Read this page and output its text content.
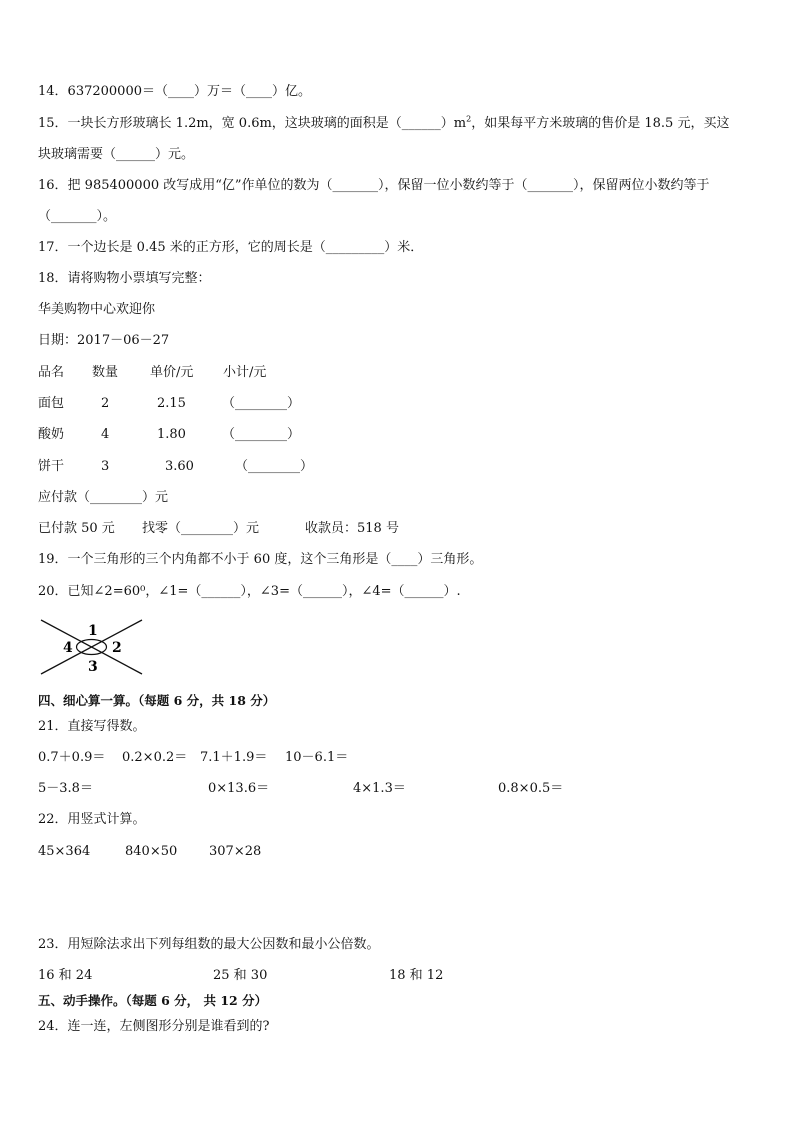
14．637200000＝（____）万＝（____）亿。
15．一块长方形玻璃长 1.2m，宽 0.6m，这块玻璃的面积是$(\_\_\_\_\_\_)m^2$，如果每平方米玻璃的售价是 18.5 元，买这
块玻璃需要（______）元。
16．把 985400000 改写成用“亿”作单位的数为（_______），保留一位小数约等于（_______），保留两位小数约等于
（_______）。
17．一个边长是 0.45 米的正方形，它的周长是（_________）米．
18．请将购物小票填写完整：
华美购物中心欢迎你
日期：2017－06－27
品名 数量 单价/元 小计/元
面包	2	2.15	（________）
酸奶	4	1.80	（________）
饼干	3	3.60	（________）
应付款（________）元
已付款 50 元 找零（________）元	收款员：518 号
19．一个三角形的三个内角都不小于 60 度，这个三角形是（____）三角形。
20．已知∠2=60⁰，∠1=（______），∠3=（______），∠4=（______）.
1
2
3
4
四、细心算一算。（每题 6 分，共 18 分）
21．直接写得数。
0.7＋0.9＝ 0.2×0.2＝ 7.1＋1.9＝ 10－6.1＝
5－3.8＝	0×13.6＝	4×1.3＝	0.8×0.5＝
22．用竖式计算。
45×364	840×50 307×28
23．用短除法求出下列每组数的最大公因数和最小公倍数。
16 和 24	25 和 30	18 和 12
五、动手操作。（每题 6 分， 共 12 分）
24．连一连，左侧图形分别是谁看到的?
